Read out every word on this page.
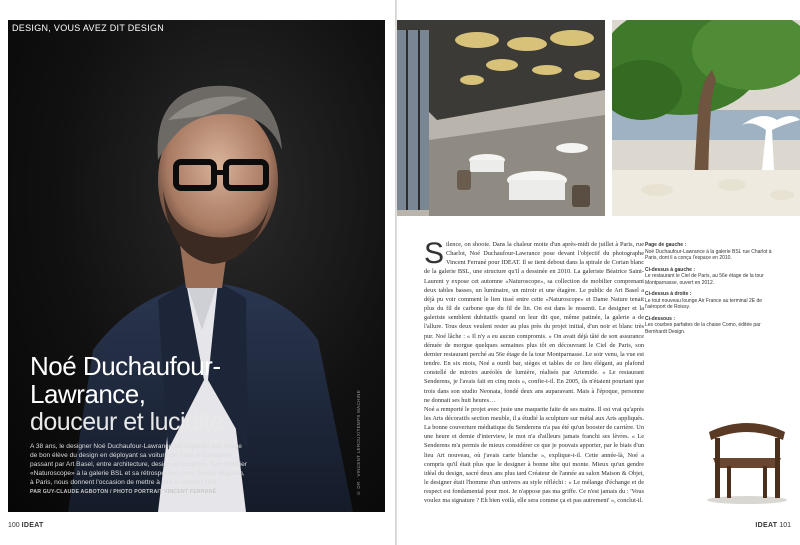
DESIGN, VOUS AVEZ DIT DESIGN
Noé Duchaufour-
Lawrance,
douceur et lucidité
A 38 ans, le designer Noé Duchaufour-Lawrance fait exploser son image de bon élève du design en déployant sa voiture de Paris à Gstaad en passant par Art Basel, entre architecture, design et sculpture. Son mobilier «Naturoscope» à la galerie BSL et sa rétrospective chez Silvera Wagram, à Paris, nous donnent l'occasion de mettre à jour le dossier NDL.
PAR GUY-CLAUDE AGBOTON / PHOTO PORTRAIT VINCENT FERRANÉ	© DR · VINCENT LEROUX/TEMPS MACHINE
100 IDEAT

Silence, on shoote. Dans la chaleur moite d'un après-midi de juillet à Paris, rue Charlot, Noé Duchaufour-Lawrance pose devant l'objectif du photographe Vincent Ferrané pour IDEAT. Il se tient debout dans la spirale de Corian blanc de la galerie BSL, une structure qu'il a dessinée en 2010. La galeriste Béatrice Saint-Laurent y expose cet automne «Naturoscope», sa collection de mobilier comprenant deux tables basses, un luminaire, un miroir et une étagère. Le public de Art Basel a déjà pu voir comment le lien tissé entre cette «Naturoscope» et Dame Nature tenait plus du fil de carbone que du fil de lin. On est dans le ressenti. Le designer et la galeriste semblent dubitatifs quand on leur dit que, même patinée, la galerie a de l'allure. Tous deux veulent rester au plus près du projet initial, d'un noir et blanc très pur. Noé lâche : « Il n'y a eu aucun compromis. » On avait déjà tâté de son assurance dénuée de morgue quelques semaines plus tôt en découvrant le Ciel de Paris, son dernier restaurant perché au 56e étage de la tour Montparnasse. Le soir venu, la vue est tendre. En six mois, Noé a ourdi bar, sièges et tables de ce lieu élégant, au plafond constellé de miroirs auréolés de lumière, réalisés par Artemide. « Le restaurant Senderens, je l'avais fait en cinq mois », confie-t-il. En 2005, ils n'étaient pourtant que trois dans son studio Neonata, fondé deux ans auparavant. Mais à l'époque, personne ne donnait ses huit heures…

Noé a remporté le projet avec juste une maquette faite de ses mains. Il est vrai qu'après les Arts décoratifs section meuble, il a étudié la sculpture sur métal aux Arts appliqués. La bonne couverture médiatique du Senderens n'a pas été qu'un booster de carrière. Un une heure et demie d'interview, le mot n'a d'ailleurs jamais franchi ses lèvres. « Le Senderens m'a permis de mieux considérer ce que je pouvais apporter, par le biais d'un lieu Art nouveau, où j'avais carte blanche », explique-t-il. Cette année-là, Noé a compris qu'il était plus que le designer à bonne tête qui monte. Mieux qu'un gendre idéal du design, sacré deux ans plus tard Créateur de l'année au salon Maison & Objet, le designer était l'homme d'un univers au style réfléchi : « Le mélange d'échange et de respect est fondamental pour moi. Je n'appose pas ma griffe. Ce n'est jamais du : 'Vous voulez ma signature ? Eh bien voilà, elle sera comme ça et pas autrement' », conclut-il.

Page de gauche :
Noé Duchaufour-Lawrance à la galerie BSL rue Charlot à Paris, dont il a conçu l'espace en 2010.
Ci-dessus à gauche :
Le restaurant le Ciel de Paris, au 56e étage de la tour Montparnasse, ouvert en 2012.
Ci-dessus à droite :
Le tout nouveau lounge Air France au terminal 2E de l'aéroport de Roissy.
Ci-dessous :
Les courbes parfaites de la chaise Como, éditée par Bernhardt Design.
IDEAT 101
